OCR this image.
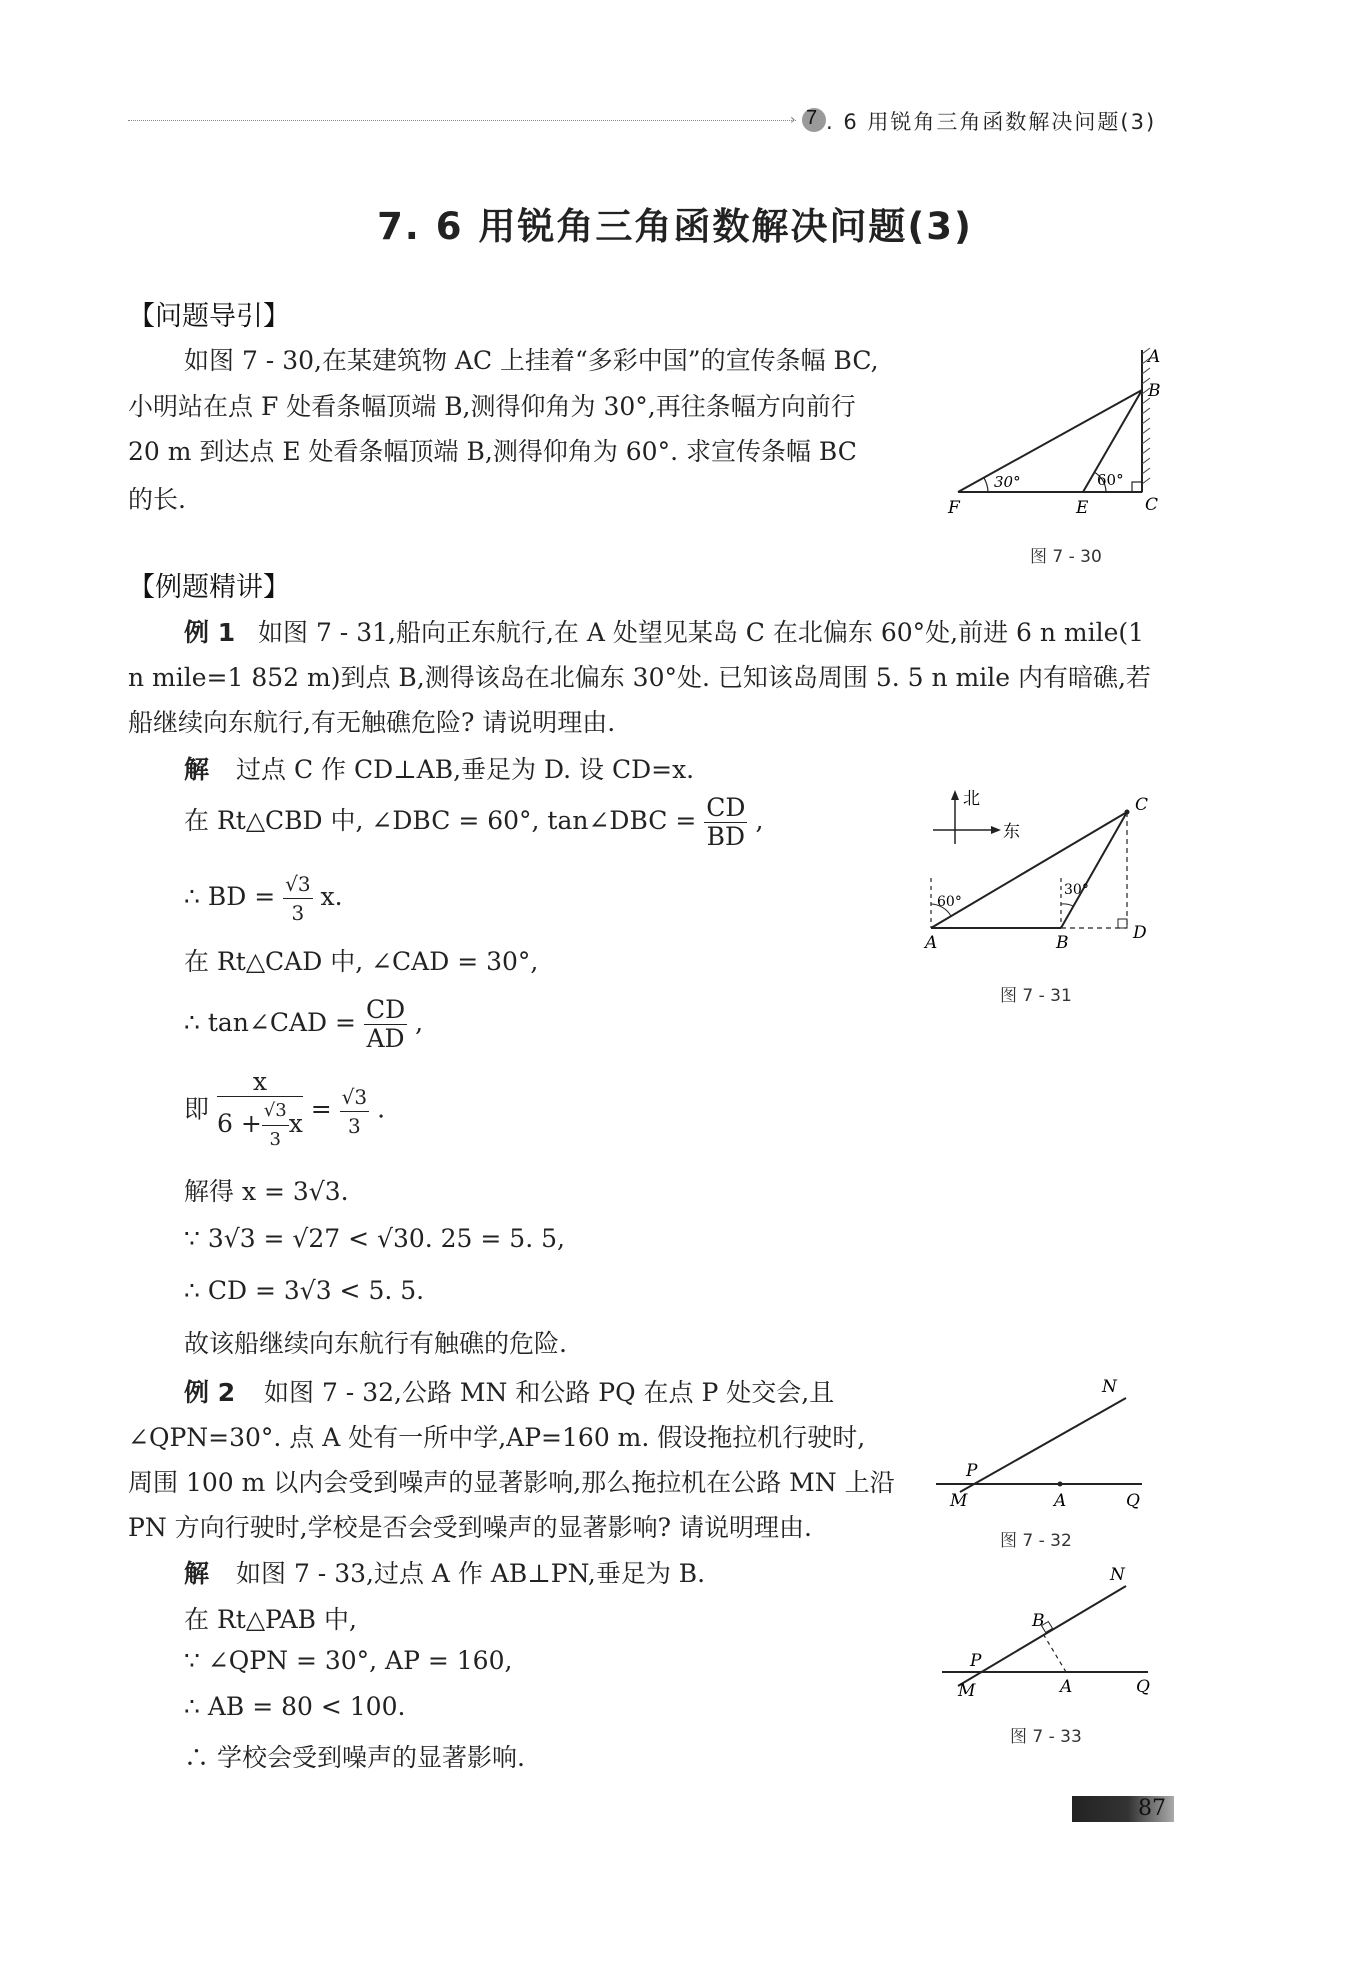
› 7 . 6 用锐角三角函数解决问题(3)
7. 6 用锐角三角函数解决问题(3)
【问题导引】
如图 7 - 30,在某建筑物 AC 上挂着“多彩中国”的宣传条幅 BC,
小明站在点 F 处看条幅顶端 B,测得仰角为 30°,再往条幅方向前行
20 m 到达点 E 处看条幅顶端 B,测得仰角为 60°. 求宣传条幅 BC
的长.
30°	60°
A
B
C
E
F
图 7 - 30
【例题精讲】
例 1 如图 7 - 31,船向正东航行,在 A 处望见某岛 C 在北偏东 60°处,前进 6 n mile(1
n mile=1 852 m)到点 B,测得该岛在北偏东 30°处. 已知该岛周围 5. 5 n mile 内有暗礁,若
船继续向东航行,有无触礁危险? 请说明理由.
解 过点 C 作 CD⊥AB,垂足为 D. 设 CD=x.
在 Rt△CBD 中, ∠DBC = 60°, tan∠DBC = $\frac{CD}{BD}$ ,
∴ BD = $\frac{√3}{3} x$.
在 Rt△CAD 中, ∠CAD = 30°,
∴ tan∠CAD = $\frac{CD}{AD}$ ,
即 $\frac{x}{6 + \frac{√3}{3} x} = \frac{√3}{3}$ .
解得 x = 3√3.
∵ 3√3 = √27 < √30. 25 = 5. 5,
∴ CD = 3√3 < 5. 5.
故该船继续向东航行有触礁的危险.
北
东
60°
30°
A	B
C
D
图 7 - 31
例 2 如图 7 - 32,公路 MN 和公路 PQ 在点 P 处交会,且
∠QPN=30°. 点 A 处有一所中学,AP=160 m. 假设拖拉机行驶时,
周围 100 m 以内会受到噪声的显著影响,那么拖拉机在公路 MN 上沿
PN 方向行驶时,学校是否会受到噪声的显著影响? 请说明理由.
解 如图 7 - 33,过点 A 作 AB⊥PN,垂足为 B.
在 Rt△PAB 中,
∵ ∠QPN = 30°, AP = 160,
∴ AB = 80 < 100.
∴ 学校会受到噪声的显著影响.
N
P
M	A	Q
图 7 - 32
N
B
P
M	A	Q
图 7 - 33
87
